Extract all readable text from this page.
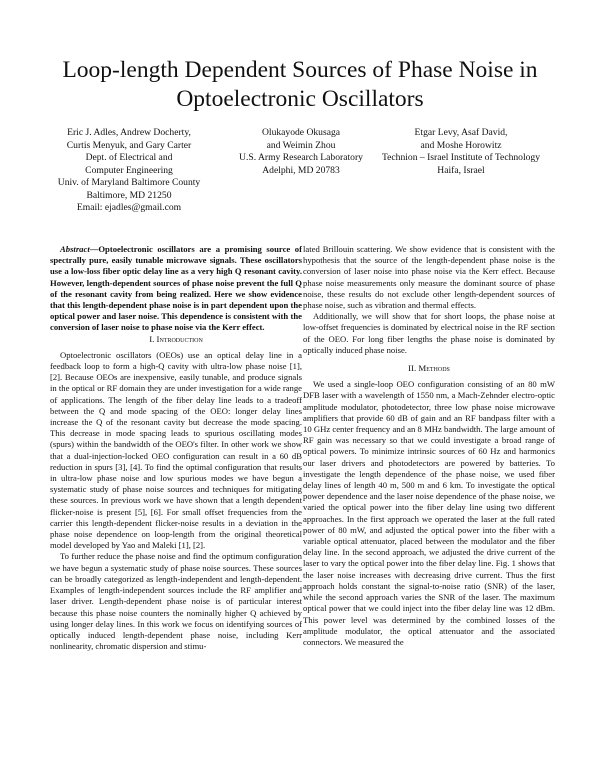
Loop-length Dependent Sources of Phase Noise in
Optoelectronic Oscillators
Eric J. Adles, Andrew Docherty,
Curtis Menyuk, and Gary Carter
Dept. of Electrical and
Computer Engineering
Univ. of Maryland Baltimore County
Baltimore, MD 21250
Email: ejadles@gmail.com
Olukayode Okusaga
and Weimin Zhou
U.S. Army Research Laboratory
Adelphi, MD 20783
Etgar Levy, Asaf David,
and Moshe Horowitz
Technion – Israel Institute of Technology
Haifa, Israel

Abstract—Optoelectronic oscillators are a promising source of spectrally pure, easily tunable microwave signals. These oscillators use a low-loss fiber optic delay line as a very high Q resonant cavity. However, length-dependent sources of phase noise prevent the full Q of the resonant cavity from being realized. Here we show evidence that this length-dependent phase noise is in part dependent upon the optical power and laser noise. This dependence is consistent with the conversion of laser noise to phase noise via the Kerr effect.

I. Introduction

Optoelectronic oscillators (OEOs) use an optical delay line in a feedback loop to form a high-Q cavity with ultra-low phase noise [1], [2]. Because OEOs are inexpensive, easily tunable, and produce signals in the optical or RF domain they are under investigation for a wide range of applications. The length of the fiber delay line leads to a tradeoff between the Q and mode spacing of the OEO: longer delay lines increase the Q of the resonant cavity but decrease the mode spacing. This decrease in mode spacing leads to spurious oscillating modes (spurs) within the bandwidth of the OEO's filter. In other work we show that a dual-injection-locked OEO configuration can result in a 60 dB reduction in spurs [3], [4]. To find the optimal configuration that results in ultra-low phase noise and low spurious modes we have begun a systematic study of phase noise sources and techniques for mitigating these sources. In previous work we have shown that a length dependent flicker-noise is present [5], [6]. For small offset frequencies from the carrier this length-dependent flicker-noise results in a deviation in the phase noise dependence on loop-length from the original theoretical model developed by Yao and Maleki [1], [2].

To further reduce the phase noise and find the optimum configuration we have begun a systematic study of phase noise sources. These sources can be broadly categorized as length-independent and length-dependent. Examples of length-independent sources include the RF amplifier and laser driver. Length-dependent phase noise is of particular interest because this phase noise counters the nominally higher Q achieved by using longer delay lines. In this work we focus on identifying sources of optically induced length-dependent phase noise, including Kerr nonlinearity, chromatic dispersion and stimu-

lated Brillouin scattering. We show evidence that is consistent with the hypothesis that the source of the length-dependent phase noise is the conversion of laser noise into phase noise via the Kerr effect. Because phase noise measurements only measure the dominant source of phase noise, these results do not exclude other length-dependent sources of phase noise, such as vibration and thermal effects.

Additionally, we will show that for short loops, the phase noise at low-offset frequencies is dominated by electrical noise in the RF section of the OEO. For long fiber lengths the phase noise is dominated by optically induced phase noise.

II. Methods

We used a single-loop OEO configuration consisting of an 80 mW DFB laser with a wavelength of 1550 nm, a Mach-Zehnder electro-optic amplitude modulator, photodetector, three low phase noise microwave amplifiers that provide 60 dB of gain and an RF bandpass filter with a 10 GHz center frequency and an 8 MHz bandwidth. The large amount of RF gain was necessary so that we could investigate a broad range of optical powers. To minimize intrinsic sources of 60 Hz and harmonics our laser drivers and photodetectors are powered by batteries. To investigate the length dependence of the phase noise, we used fiber delay lines of length 40 m, 500 m and 6 km. To investigate the optical power dependence and the laser noise dependence of the phase noise, we varied the optical power into the fiber delay line using two different approaches. In the first approach we operated the laser at the full rated power of 80 mW, and adjusted the optical power into the fiber with a variable optical attenuator, placed between the modulator and the fiber delay line. In the second approach, we adjusted the drive current of the laser to vary the optical power into the fiber delay line. Fig. 1 shows that the laser noise increases with decreasing drive current. Thus the first approach holds constant the signal-to-noise ratio (SNR) of the laser, while the second approach varies the SNR of the laser. The maximum optical power that we could inject into the fiber delay line was 12 dBm. This power level was determined by the combined losses of the amplitude modulator, the optical attenuator and the associated connectors. We measured the
